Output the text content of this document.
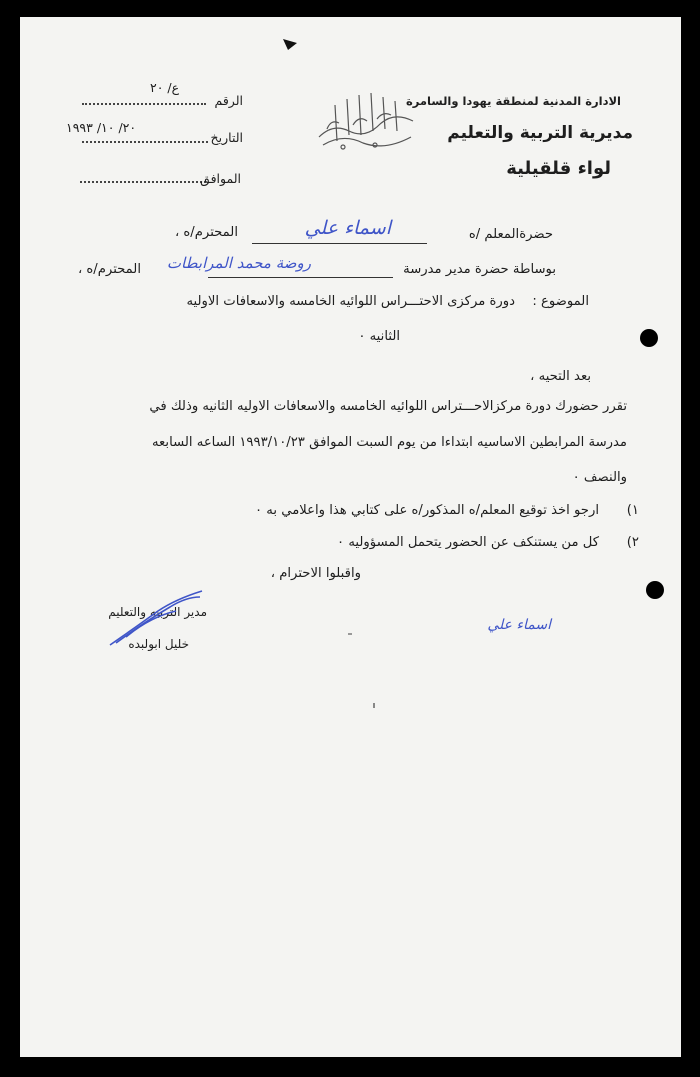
الادارة المدنية لمنطقة يهودا والسامرة
مديرية التربية والتعليم
لواء قلقيلية
ع/ ٢٠
الرقم
٢٠/ ١٠/ ١٩٩٣
التاريخ
الموافق
حضرةالمعلم /ه
اسماء علي
المحترم/ه ،
بوساطة حضرة مدير مدرسة
روضة محمد المرابطات
المحترم/ه ،
الموضوع :
دورة مركزى الاحتـــراس اللوائيه الخامسه والاسعافات الاوليه
الثانيه ٠
بعد التحيه ،
تقرر حضورك دورة مركزالاحـــتراس اللوائيه الخامسه والاسعافات الاوليه الثانيه وذلك في
مدرسة المرابطين الاساسيه ابتداءا من يوم السبت الموافق ١٩٩٣/١٠/٢٣ الساعه السابعه
والنصف ٠
١)
ارجو اخذ توقيع المعلم/ه المذكور/ه على كتابي هذا واعلامي به ٠
٢)
كل من يستنكف عن الحضور يتحمل المسؤوليه ٠
واقبلوا الاحترام ،
مدير التربيه والتعليم
خليل ابولبده
اسماء علي
